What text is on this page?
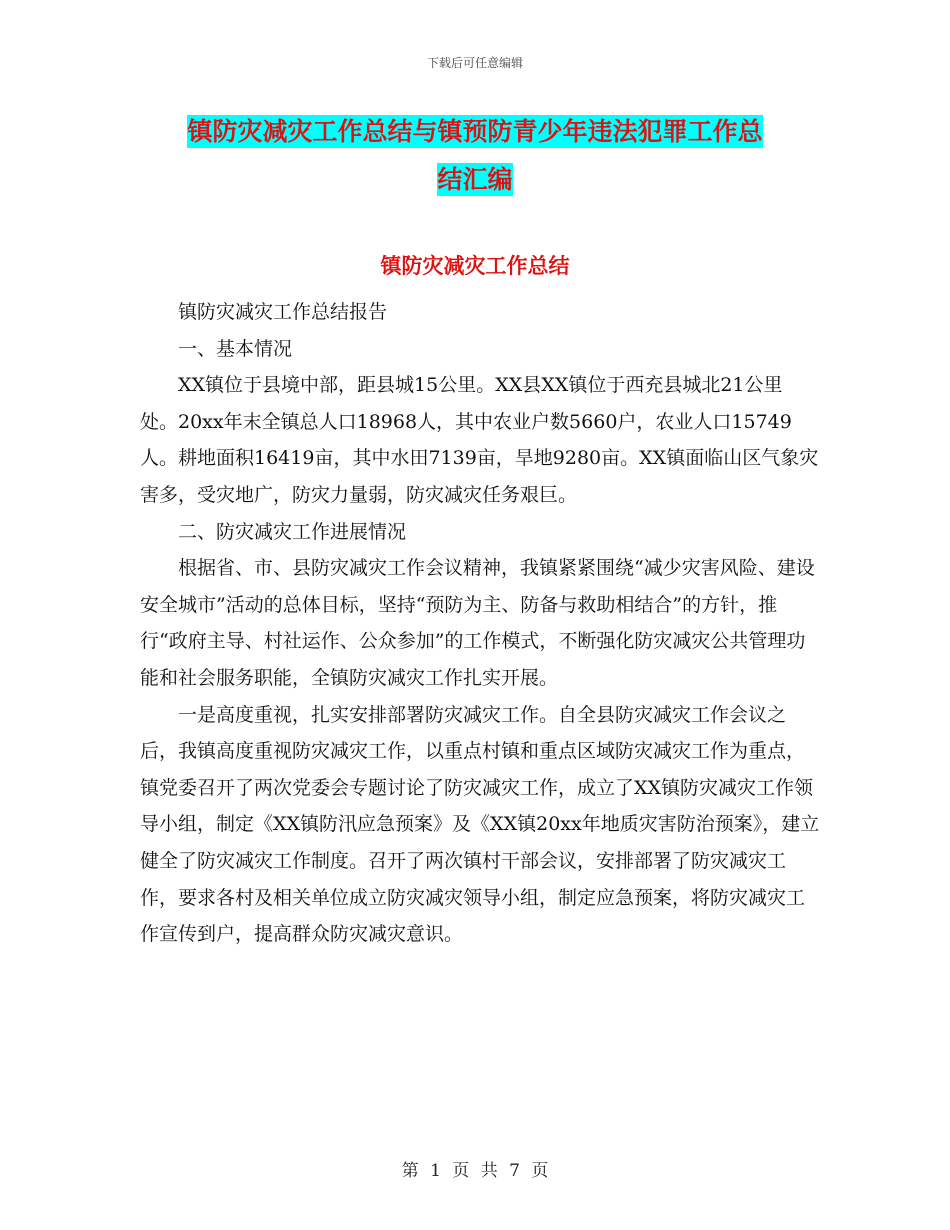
下载后可任意编辑
镇防灾减灾工作总结与镇预防青少年违法犯罪工作总
结汇编
镇防灾减灾工作总结

镇防灾减灾工作总结报告

一、基本情况

XX镇位于县境中部，距县城15公里。XX县XX镇位于西充县城北21公里处。20xx年末全镇总人口18968人，其中农业户数5660户，农业人口15749人。耕地面积16419亩，其中水田7139亩，旱地9280亩。XX镇面临山区气象灾害多，受灾地广，防灾力量弱，防灾减灾任务艰巨。

二、防灾减灾工作进展情况

根据省、市、县防灾减灾工作会议精神，我镇紧紧围绕“减少灾害风险、建设安全城市”活动的总体目标，坚持“预防为主、防备与救助相结合”的方针，推行“政府主导、村社运作、公众参加”的工作模式，不断强化防灾减灾公共管理功能和社会服务职能，全镇防灾减灾工作扎实开展。

一是高度重视，扎实安排部署防灾减灾工作。自全县防灾减灾工作会议之后，我镇高度重视防灾减灾工作，以重点村镇和重点区域防灾减灾工作为重点，镇党委召开了两次党委会专题讨论了防灾减灾工作，成立了XX镇防灾减灾工作领导小组，制定《XX镇防汛应急预案》及《XX镇20xx年地质灾害防治预案》，建立健全了防灾减灾工作制度。召开了两次镇村干部会议，安排部署了防灾减灾工作，要求各村及相关单位成立防灾减灾领导小组，制定应急预案，将防灾减灾工作宣传到户，提高群众防灾减灾意识。

第 1 页 共 7 页
